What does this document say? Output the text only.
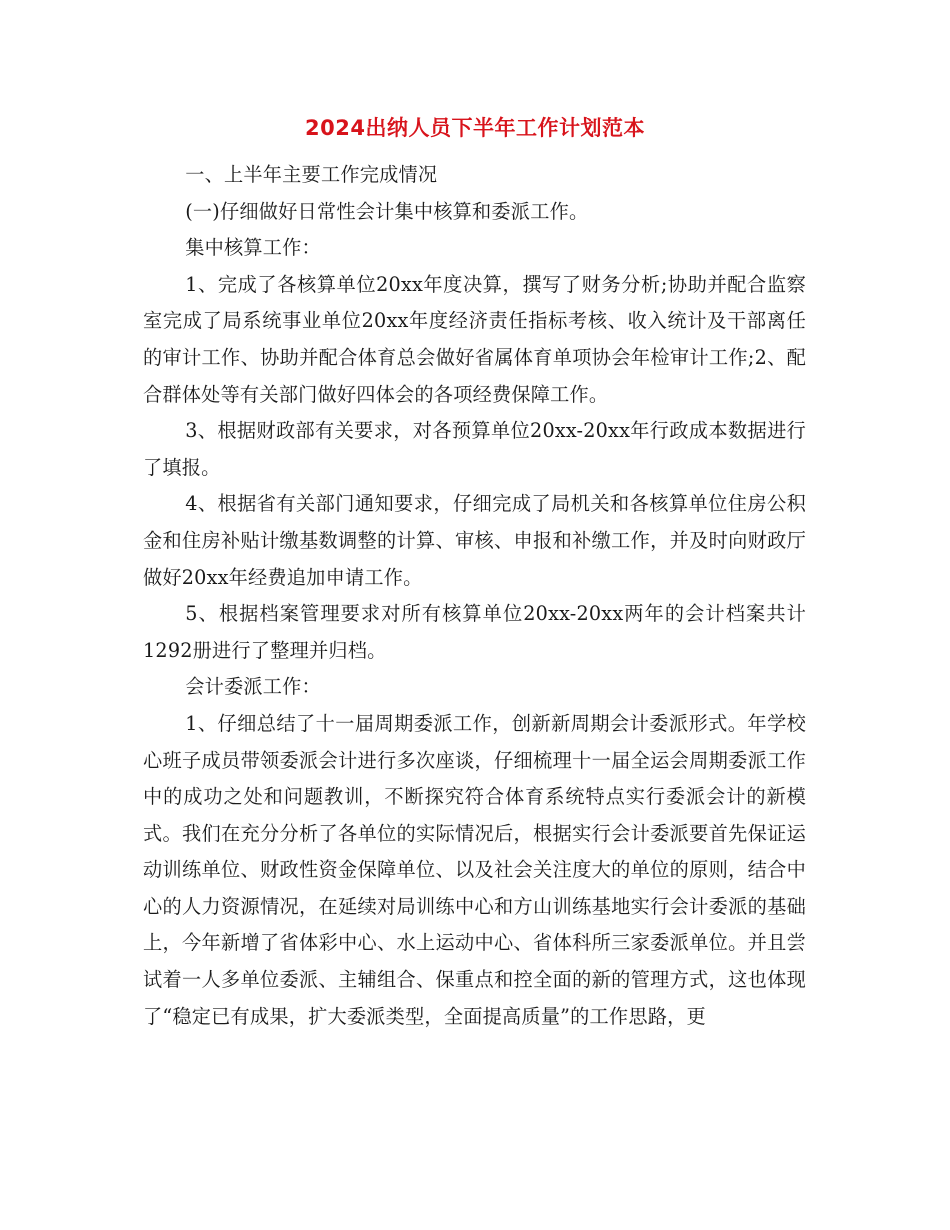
2024出纳人员下半年工作计划范本

一、上半年主要工作完成情况

(一)仔细做好日常性会计集中核算和委派工作。

集中核算工作：

1、完成了各核算单位20xx年度决算，撰写了财务分析;协助并配合监察室完成了局系统事业单位20xx年度经济责任指标考核、收入统计及干部离任的审计工作、协助并配合体育总会做好省属体育单项协会年检审计工作;2、配合群体处等有关部门做好四体会的各项经费保障工作。

3、根据财政部有关要求，对各预算单位20xx-20xx年行政成本数据进行了填报。

4、根据省有关部门通知要求，仔细完成了局机关和各核算单位住房公积金和住房补贴计缴基数调整的计算、审核、申报和补缴工作，并及时向财政厅做好20xx年经费追加申请工作。

5、根据档案管理要求对所有核算单位20xx-20xx两年的会计档案共计1292册进行了整理并归档。

会计委派工作：

1、仔细总结了十一届周期委派工作，创新新周期会计委派形式。年学校心班子成员带领委派会计进行多次座谈，仔细梳理十一届全运会周期委派工作中的成功之处和问题教训，不断探究符合体育系统特点实行委派会计的新模式。我们在充分分析了各单位的实际情况后，根据实行会计委派要首先保证运动训练单位、财政性资金保障单位、以及社会关注度大的单位的原则，结合中心的人力资源情况，在延续对局训练中心和方山训练基地实行会计委派的基础上，今年新增了省体彩中心、水上运动中心、省体科所三家委派单位。并且尝试着一人多单位委派、主辅组合、保重点和控全面的新的管理方式，这也体现了“稳定已有成果，扩大委派类型，全面提高质量”的工作思路，更
